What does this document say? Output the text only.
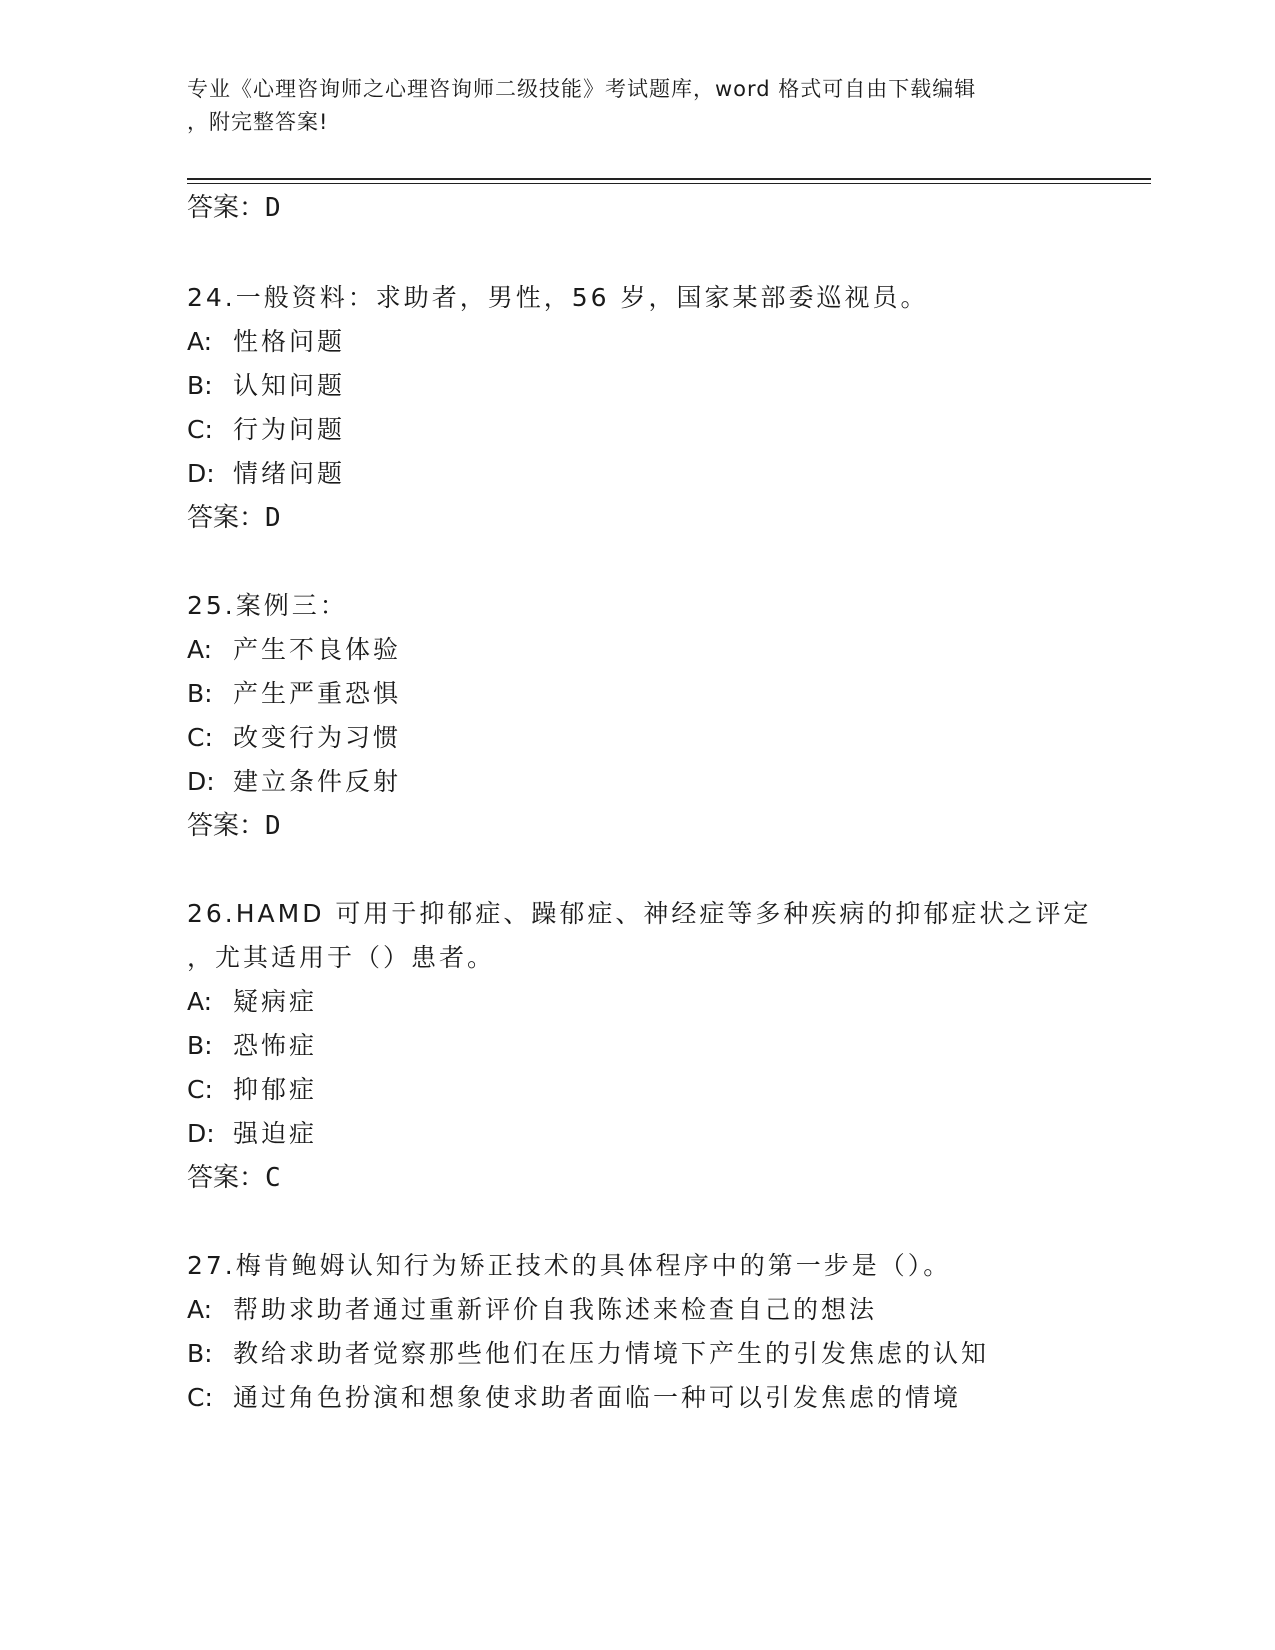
专业《心理咨询师之心理咨询师二级技能》考试题库，word 格式可自由下载编辑
，附完整答案!
答案：D
24.一般资料：求助者，男性，56 岁，国家某部委巡视员。
A: 性格问题
B: 认知问题
C: 行为问题
D: 情绪问题
答案：D
25.案例三：
A: 产生不良体验
B: 产生严重恐惧
C: 改变行为习惯
D: 建立条件反射
答案：D
26.HAMD 可用于抑郁症、躁郁症、神经症等多种疾病的抑郁症状之评定
，尤其适用于（）患者。
A: 疑病症
B: 恐怖症
C: 抑郁症
D: 强迫症
答案：C
27.梅肯鲍姆认知行为矫正技术的具体程序中的第一步是（）。
A: 帮助求助者通过重新评价自我陈述来检查自己的想法
B: 教给求助者觉察那些他们在压力情境下产生的引发焦虑的认知
C: 通过角色扮演和想象使求助者面临一种可以引发焦虑的情境
